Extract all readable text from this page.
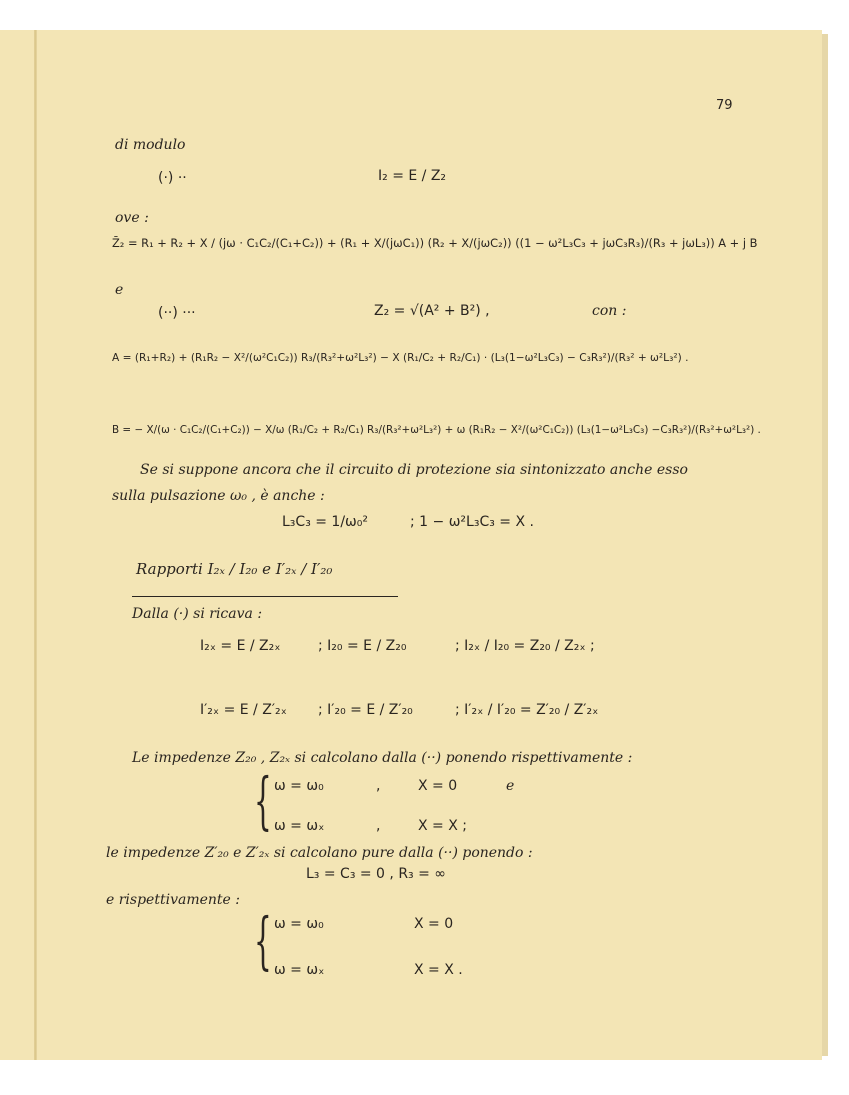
79
di modulo
(·) ··	I₂ = E / Z₂
ove :
Z̄₂ = R₁ + R₂ + X / (jω · C₁C₂/(C₁+C₂)) + (R₁ + X/(jωC₁)) (R₂ + X/(jωC₂)) ((1 − ω²L₃C₃ + jωC₃R₃)/(R₃ + jωL₃)) A + j B
e
(··) ···	Z₂ = √(A² + B²) ,	con :
A = (R₁+R₂) + (R₁R₂ − X²/(ω²C₁C₂)) R₃/(R₃²+ω²L₃²) − X (R₁/C₂ + R₂/C₁) · (L₃(1−ω²L₃C₃) − C₃R₃²)/(R₃² + ω²L₃²) .
B = − X/(ω · C₁C₂/(C₁+C₂)) − X/ω (R₁/C₂ + R₂/C₁) R₃/(R₃²+ω²L₃²) + ω (R₁R₂ − X²/(ω²C₁C₂)) (L₃(1−ω²L₃C₃) −C₃R₃²)/(R₃²+ω²L₃²) .
Se si suppone ancora che il circuito di protezione sia sintonizzato anche esso
sulla pulsazione ω₀ , è anche :
L₃C₃ = 1/ω₀²	; 1 − ω²L₃C₃ = X .
Rapporti I₂ₓ / I₂₀ e I′₂ₓ / I′₂₀
Dalla (·) si ricava :
I₂ₓ = E / Z₂ₓ	; I₂₀ = E / Z₂₀	; I₂ₓ / I₂₀ = Z₂₀ / Z₂ₓ ;
I′₂ₓ = E / Z′₂ₓ ; I′₂₀ = E / Z′₂₀	; I′₂ₓ / I′₂₀ = Z′₂₀ / Z′₂ₓ
Le impedenze Z₂₀ , Z₂ₓ si calcolano dalla (··) ponendo rispettivamente :
{ ω = ω₀	,	X = 0	e
ω = ωₓ	,	X = X ;
le impedenze Z′₂₀ e Z′₂ₓ si calcolano pure dalla (··) ponendo :
L₃ = C₃ = 0 , R₃ = ∞
e rispettivamente :
{ ω = ω₀	X = 0
ω = ωₓ	X = X .
